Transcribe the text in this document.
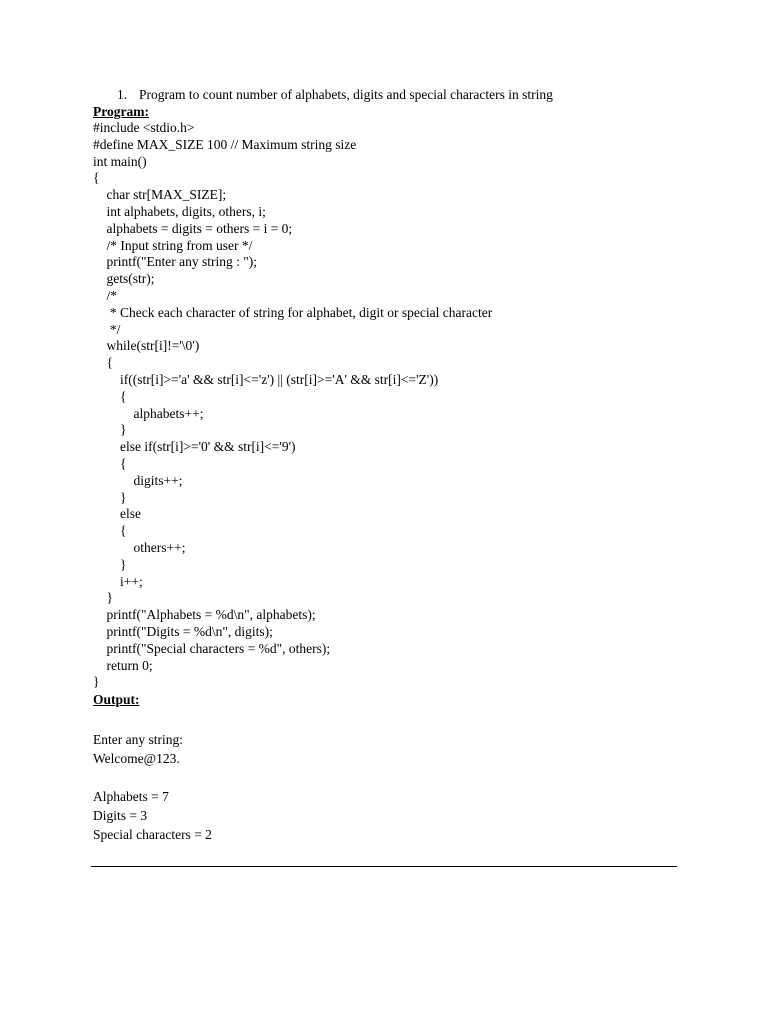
1. Program to count number of alphabets, digits and special characters in string
Program:
#include <stdio.h>
#define MAX_SIZE 100 // Maximum string size
int main()
{
char str[MAX_SIZE];
int alphabets, digits, others, i;
alphabets = digits = others = i = 0;
/* Input string from user */
printf("Enter any string : ");
gets(str);
/*
* Check each character of string for alphabet, digit or special character
*/
while(str[i]!='\0')
{
if((str[i]>='a' && str[i]<='z') || (str[i]>='A' && str[i]<='Z'))
{
alphabets++;
}
else if(str[i]>='0' && str[i]<='9')
{
digits++;
}
else
{
others++;
}
i++;
}
printf("Alphabets = %d\n", alphabets);
printf("Digits = %d\n", digits);
printf("Special characters = %d", others);
return 0;
}
Output:
Enter any string:
Welcome@123.
Alphabets = 7
Digits = 3
Special characters = 2
